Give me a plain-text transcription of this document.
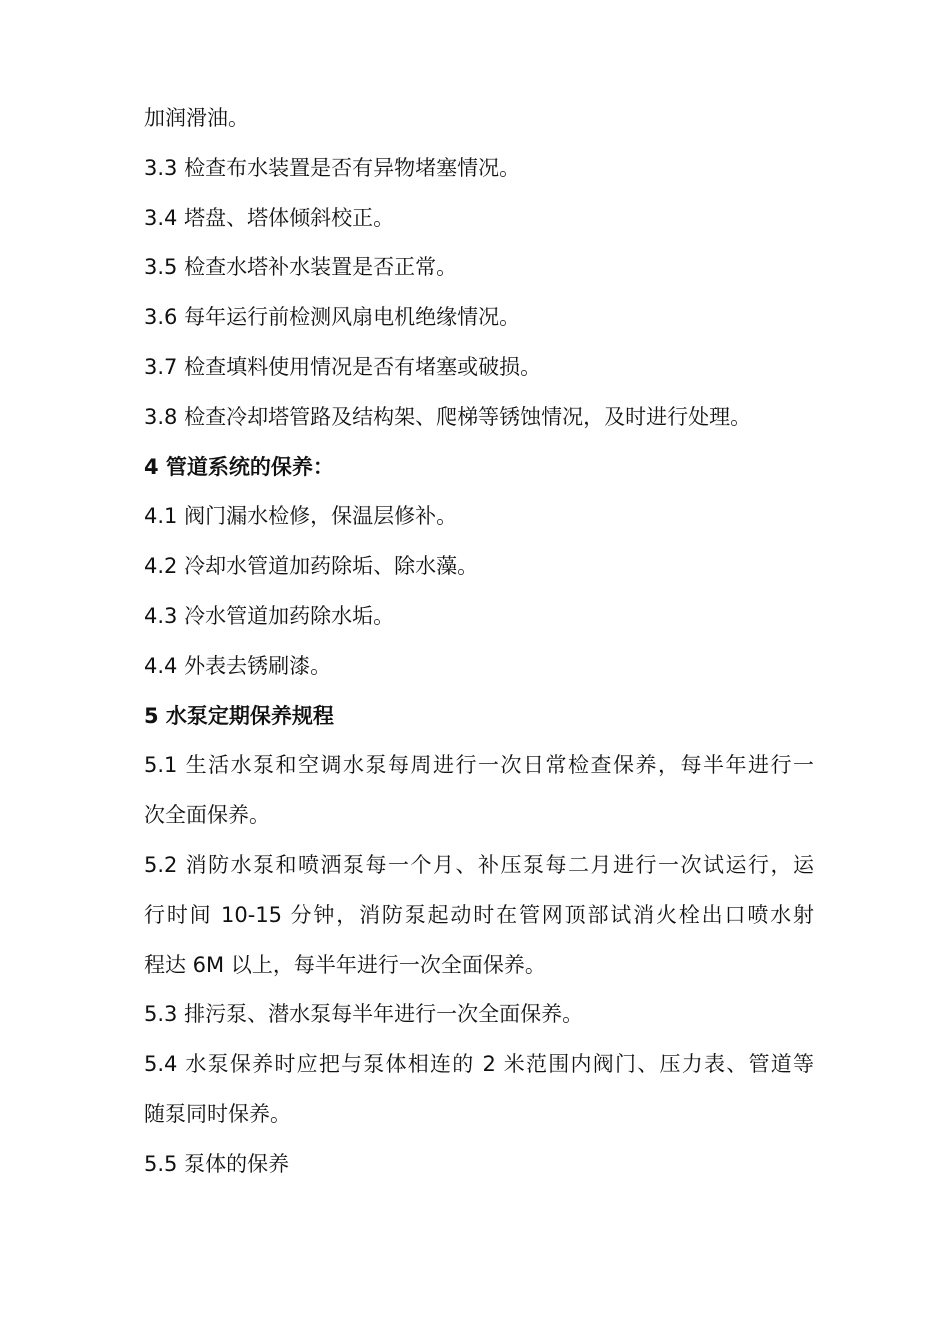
加润滑油。
3.3 检查布水装置是否有异物堵塞情况。
3.4 塔盘、塔体倾斜校正。
3.5 检查水塔补水装置是否正常。
3.6 每年运行前检测风扇电机绝缘情况。
3.7 检查填料使用情况是否有堵塞或破损。
3.8 检查冷却塔管路及结构架、爬梯等锈蚀情况，及时进行处理。
4 管道系统的保养：
4.1 阀门漏水检修，保温层修补。
4.2 冷却水管道加药除垢、除水藻。
4.3 冷水管道加药除水垢。
4.4 外表去锈刷漆。
5 水泵定期保养规程
5.1 生活水泵和空调水泵每周进行一次日常检查保养，每半年进行一
次全面保养。
5.2 消防水泵和喷洒泵每一个月、补压泵每二月进行一次试运行，运
行时间 10-15 分钟，消防泵起动时在管网顶部试消火栓出口喷水射
程达 6M 以上，每半年进行一次全面保养。
5.3 排污泵、潜水泵每半年进行一次全面保养。
5.4 水泵保养时应把与泵体相连的 2 米范围内阀门、压力表、管道等
随泵同时保养。
5.5 泵体的保养
